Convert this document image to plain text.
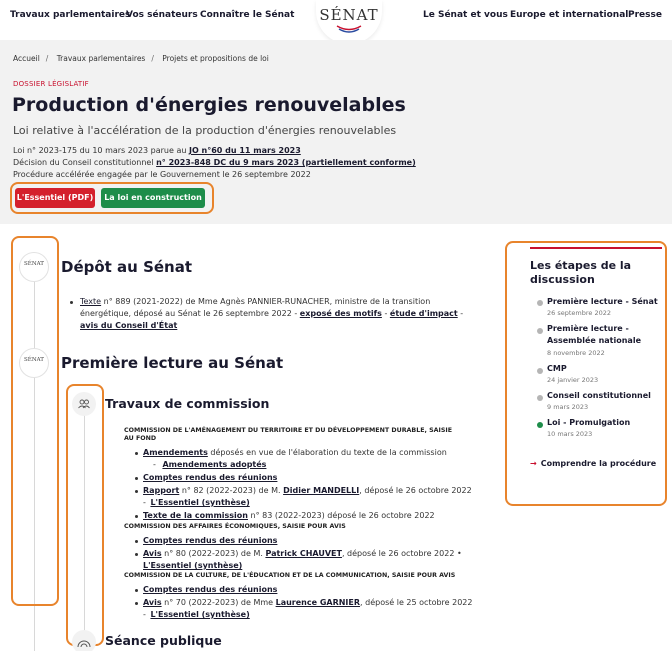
Travaux parlementaires
Vos sénateurs Connaître le Sénat	Le Sénat et vous Europe et international Presse
SÉNAT
Accueil / Travaux parlementaires / Projets et propositions de loi
DOSSIER LÉGISLATIF
Production d'énergies renouvelables
Loi relative à l'accélération de la production d'énergies renouvelables
Loi n° 2023-175 du 10 mars 2023 parue au JO n°60 du 11 mars 2023
Décision du Conseil constitutionnel n° 2023-848 DC du 9 mars 2023 (partiellement conforme)
Procédure accélérée engagée par le Gouvernement le 26 septembre 2022
L'Essentiel (PDF)	La loi en construction
SÉNAT
SÉNAT
Dépôt au Sénat
Texte n° 889 (2021-2022) de Mme Agnès PANNIER-RUNACHER, ministre de la transition
énergétique, déposé au Sénat le 26 septembre 2022 - exposé des motifs - étude d'impact -
avis du Conseil d'État
Première lecture au Sénat
Travaux de commission
COMMISSION DE L'AMÉNAGEMENT DU TERRITOIRE ET DU DÉVELOPPEMENT DURABLE, SAISIE
AU FOND
Amendements déposés en vue de l'élaboration du texte de la commission
- Amendements adoptés
Comptes rendus des réunions
Rapport n° 82 (2022-2023) de M. Didier MANDELLI, déposé le 26 octobre 2022
- L'Essentiel (synthèse)
Texte de la commission n° 83 (2022-2023) déposé le 26 octobre 2022
COMMISSION DES AFFAIRES ÉCONOMIQUES, SAISIE POUR AVIS
Comptes rendus des réunions
Avis n° 80 (2022-2023) de M. Patrick CHAUVET, déposé le 26 octobre 2022 •
L'Essentiel (synthèse)
COMMISSION DE LA CULTURE, DE L'ÉDUCATION ET DE LA COMMUNICATION, SAISIE POUR AVIS
Comptes rendus des réunions
Avis n° 70 (2022-2023) de Mme Laurence GARNIER, déposé le 25 octobre 2022
- L'Essentiel (synthèse)
Séance publique
Les étapes de la discussion
Première lecture - Sénat
26 septembre 2022
Première lecture - Assemblée nationale
8 novembre 2022
CMP
24 janvier 2023
Conseil constitutionnel
9 mars 2023
Loi - Promulgation
10 mars 2023
→ Comprendre la procédure
